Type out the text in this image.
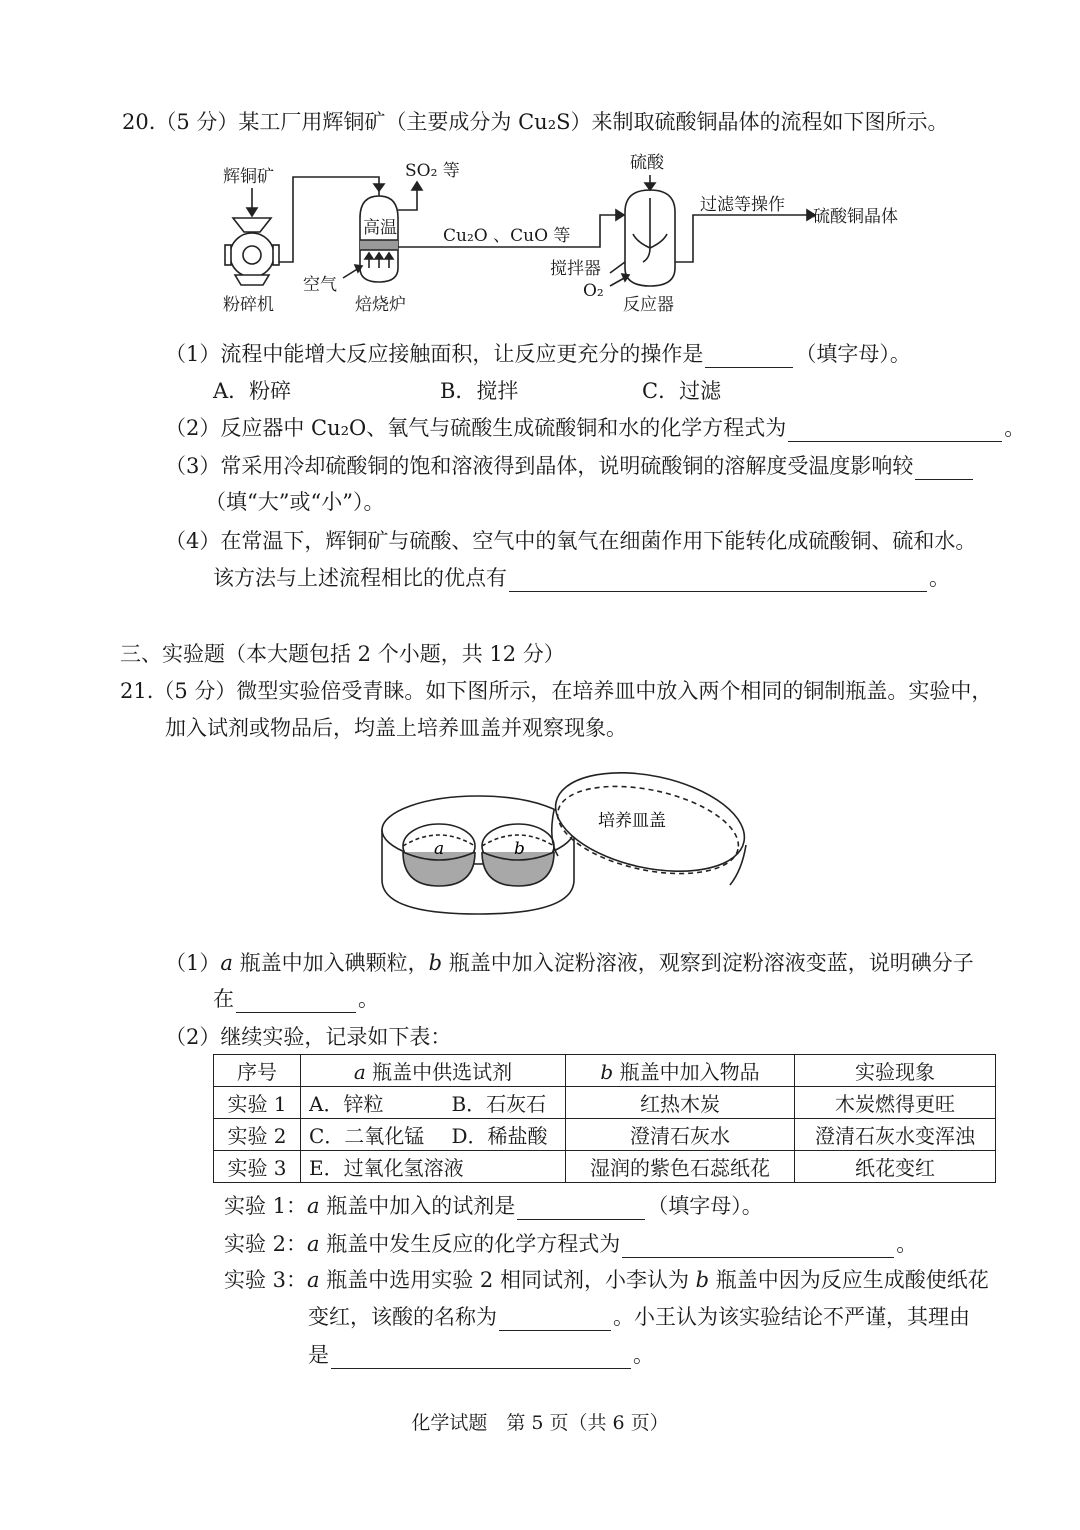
20.（5 分）某工厂用辉铜矿（主要成分为 Cu₂S）来制取硫酸铜晶体的流程如下图所示。
辉铜矿
粉碎机
SO₂ 等
高温
空气
焙烧炉
Cu₂O 、CuO 等
硫酸
过滤等操作
硫酸铜晶体
搅拌器
O₂
反应器
（1）流程中能增大反应接触面积，让反应更充分的操作是	（填字母）。
A．粉碎	B．搅拌	C．过滤
（2）反应器中 Cu₂O、氧气与硫酸生成硫酸铜和水的化学方程式为	。
（3）常采用冷却硫酸铜的饱和溶液得到晶体，说明硫酸铜的溶解度受温度影响较
（填“大”或“小”）。
（4）在常温下，辉铜矿与硫酸、空气中的氧气在细菌作用下能转化成硫酸铜、硫和水。
该方法与上述流程相比的优点有	。
三、实验题（本大题包括 2 个小题，共 12 分）
21.（5 分）微型实验倍受青睐。如下图所示，在培养皿中放入两个相同的铜制瓶盖。实验中，
加入试剂或物品后，均盖上培养皿盖并观察现象。
a	b
培养皿盖
（1）a 瓶盖中加入碘颗粒，b 瓶盖中加入淀粉溶液，观察到淀粉溶液变蓝，说明碘分子
在	。
（2）继续实验，记录如下表：
序号	a 瓶盖中供选试剂		b 瓶盖中加入物品	实验现象
实验 1	A．锌粒	B．石灰石	红热木炭	木炭燃得更旺
实验 2	C．二氧化锰	D．稀盐酸	澄清石灰水	澄清石灰水变浑浊
实验 3	E．过氧化氢溶液		湿润的紫色石蕊纸花	纸花变红
实验 1：a 瓶盖中加入的试剂是	（填字母）。
实验 2：a 瓶盖中发生反应的化学方程式为	。
实验 3：a 瓶盖中选用实验 2 相同试剂，小李认为 b 瓶盖中因为反应生成酸使纸花
变红，该酸的名称为	。小王认为该实验结论不严谨，其理由
是	。
化学试题　第 5 页（共 6 页）
